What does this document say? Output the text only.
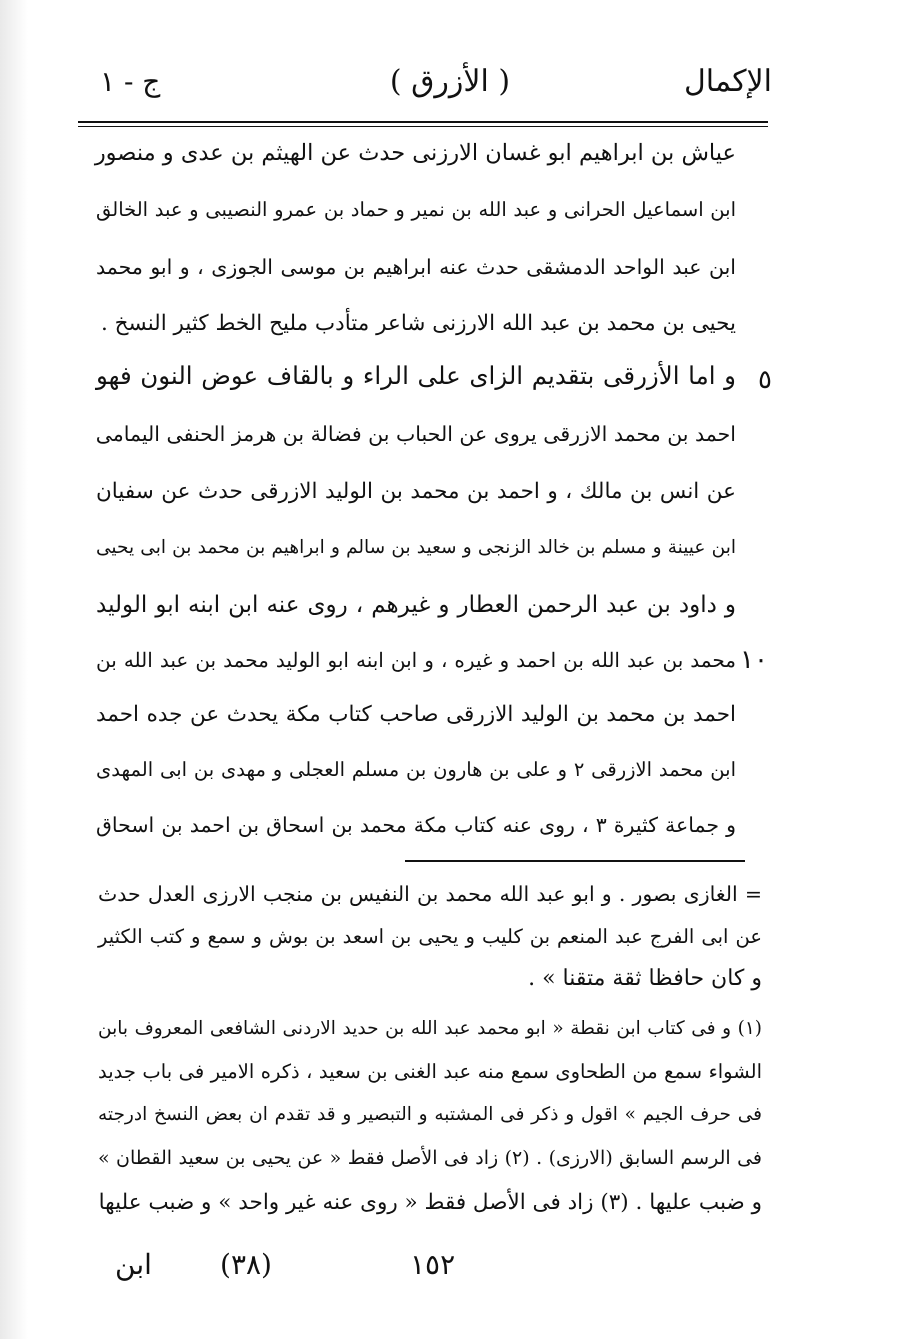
الإكمال
( الأزرق )
ج - ١
عياش بن ابراهيم ابو غسان الارزنى حدث عن الهيثم بن عدى و منصور
ابن اسماعيل الحرانى و عبد الله بن نمير و حماد بن عمرو النصيبى و عبد الخالق
ابن عبد الواحد الدمشقى حدث عنه ابراهيم بن موسى الجوزى ، و ابو محمد
يحيى بن محمد بن عبد الله الارزنى شاعر متأدب مليح الخط كثير النسخ .
و اما الأزرقى بتقديم الزاى على الراء و بالقاف عوض النون فهو ٥
احمد بن محمد الازرقى يروى عن الحباب بن فضالة بن هرمز الحنفى اليمامى
عن انس بن مالك ، و احمد بن محمد بن الوليد الازرقى حدث عن سفيان
ابن عيينة و مسلم بن خالد الزنجى و سعيد بن سالم و ابراهيم بن محمد بن ابى يحيى
و داود بن عبد الرحمن العطار و غيرهم ، روى عنه ابن ابنه ابو الوليد
محمد بن عبد الله بن احمد و غيره ، و ابن ابنه ابو الوليد محمد بن عبد الله بن ١٠
احمد بن محمد بن الوليد الازرقى صاحب كتاب مكة يحدث عن جده احمد
ابن محمد الازرقى ٢ و على بن هارون بن مسلم العجلى و مهدى بن ابى المهدى
و جماعة كثيرة ٣ ، روى عنه كتاب مكة محمد بن اسحاق بن احمد بن اسحاق
= الغازى بصور . و ابو عبد الله محمد بن النفيس بن منجب الارزى العدل حدث
عن ابى الفرج عبد المنعم بن كليب و يحيى بن اسعد بن بوش و سمع و كتب الكثير
و كان حافظا ثقة متقنا » .
(١) و فى كتاب ابن نقطة « ابو محمد عبد الله بن حديد الاردنى الشافعى المعروف بابن
الشواء سمع من الطحاوى سمع منه عبد الغنى بن سعيد ، ذكره الامير فى باب جديد
فى حرف الجيم » اقول و ذكر فى المشتبه و التبصير و قد تقدم ان بعض النسخ ادرجته
فى الرسم السابق (الارزى) . (٢) زاد فى الأصل فقط « عن يحيى بن سعيد القطان »
و ضبب عليها . (٣) زاد فى الأصل فقط « روى عنه غير واحد » و ضبب عليها
ابن (٣٨)	١٥٢
